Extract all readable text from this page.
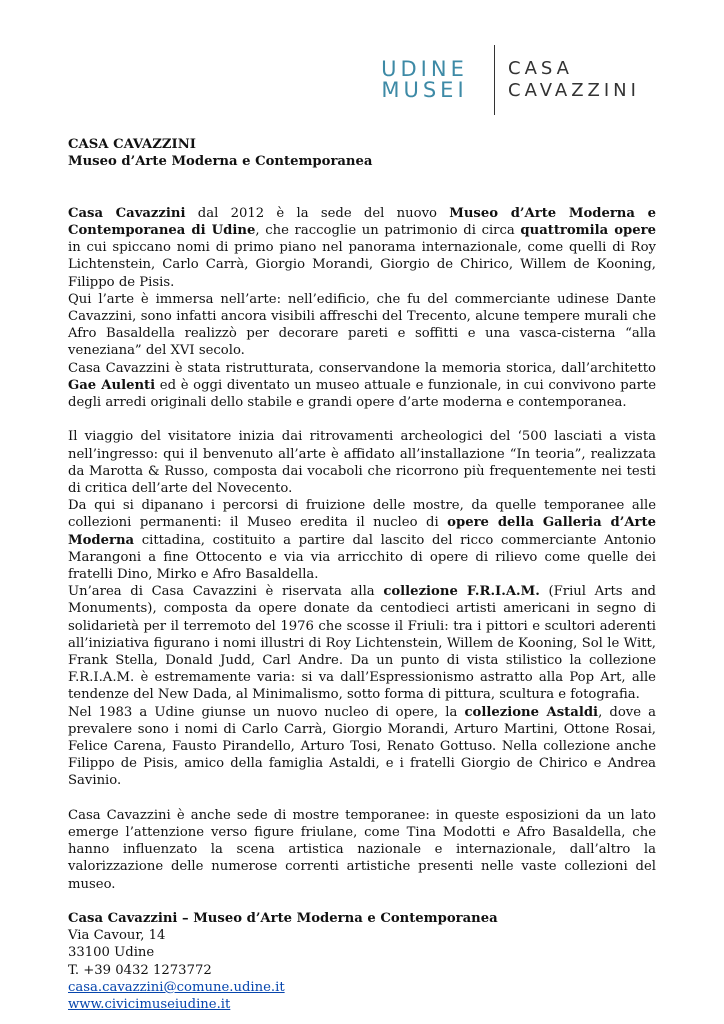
UDINE
MUSEI
CASA
CAVAZZINI

CASA CAVAZZINI

Museo d’Arte Moderna e Contemporanea

Casa Cavazzini dal 2012 è la sede del nuovo Museo d’Arte Moderna e Contemporanea di Udine, che raccoglie un patrimonio di circa quattromila opere in cui spiccano nomi di primo piano nel panorama internazionale, come quelli di Roy Lichtenstein, Carlo Carrà, Giorgio Morandi, Giorgio de Chirico, Willem de Kooning, Filippo de Pisis.

Qui l’arte è immersa nell’arte: nell’edificio, che fu del commerciante udinese Dante Cavazzini, sono infatti ancora visibili affreschi del Trecento, alcune tempere murali che Afro Basaldella realizzò per decorare pareti e soffitti e una vasca-cisterna “alla veneziana” del XVI secolo.

Casa Cavazzini è stata ristrutturata, conservandone la memoria storica, dall’architetto Gae Aulenti ed è oggi diventato un museo attuale e funzionale, in cui convivono parte degli arredi originali dello stabile e grandi opere d’arte moderna e contemporanea.

Il viaggio del visitatore inizia dai ritrovamenti archeologici del ‘500 lasciati a vista nell’ingresso: qui il benvenuto all’arte è affidato all’installazione “In teoria”, realizzata da Marotta & Russo, composta dai vocaboli che ricorrono più frequentemente nei testi di critica dell’arte del Novecento.

Da qui si dipanano i percorsi di fruizione delle mostre, da quelle temporanee alle collezioni permanenti: il Museo eredita il nucleo di opere della Galleria d’Arte Moderna cittadina, costituito a partire dal lascito del ricco commerciante Antonio Marangoni a fine Ottocento e via via arricchito di opere di rilievo come quelle dei fratelli Dino, Mirko e Afro Basaldella.

Un’area di Casa Cavazzini è riservata alla collezione F.R.I.A.M. (Friul Arts and Monuments), composta da opere donate da centodieci artisti americani in segno di solidarietà per il terremoto del 1976 che scosse il Friuli: tra i pittori e scultori aderenti all’iniziativa figurano i nomi illustri di Roy Lichtenstein, Willem de Kooning, Sol le Witt, Frank Stella, Donald Judd, Carl Andre. Da un punto di vista stilistico la collezione F.R.I.A.M. è estremamente varia: si va dall’Espressionismo astratto alla Pop Art, alle tendenze del New Dada, al Minimalismo, sotto forma di pittura, scultura e fotografia.

Nel 1983 a Udine giunse un nuovo nucleo di opere, la collezione Astaldi, dove a prevalere sono i nomi di Carlo Carrà, Giorgio Morandi, Arturo Martini, Ottone Rosai, Felice Carena, Fausto Pirandello, Arturo Tosi, Renato Gottuso. Nella collezione anche Filippo de Pisis, amico della famiglia Astaldi, e i fratelli Giorgio de Chirico e Andrea Savinio.

Casa Cavazzini è anche sede di mostre temporanee: in queste esposizioni da un lato emerge l’attenzione verso figure friulane, come Tina Modotti e Afro Basaldella, che hanno influenzato la scena artistica nazionale e internazionale, dall’altro la valorizzazione delle numerose correnti artistiche presenti nelle vaste collezioni del museo.

Casa Cavazzini – Museo d’Arte Moderna e Contemporanea

Via Cavour, 14

33100 Udine

T. +39 0432 1273772

casa.cavazzini@comune.udine.it

www.civicimuseiudine.it
